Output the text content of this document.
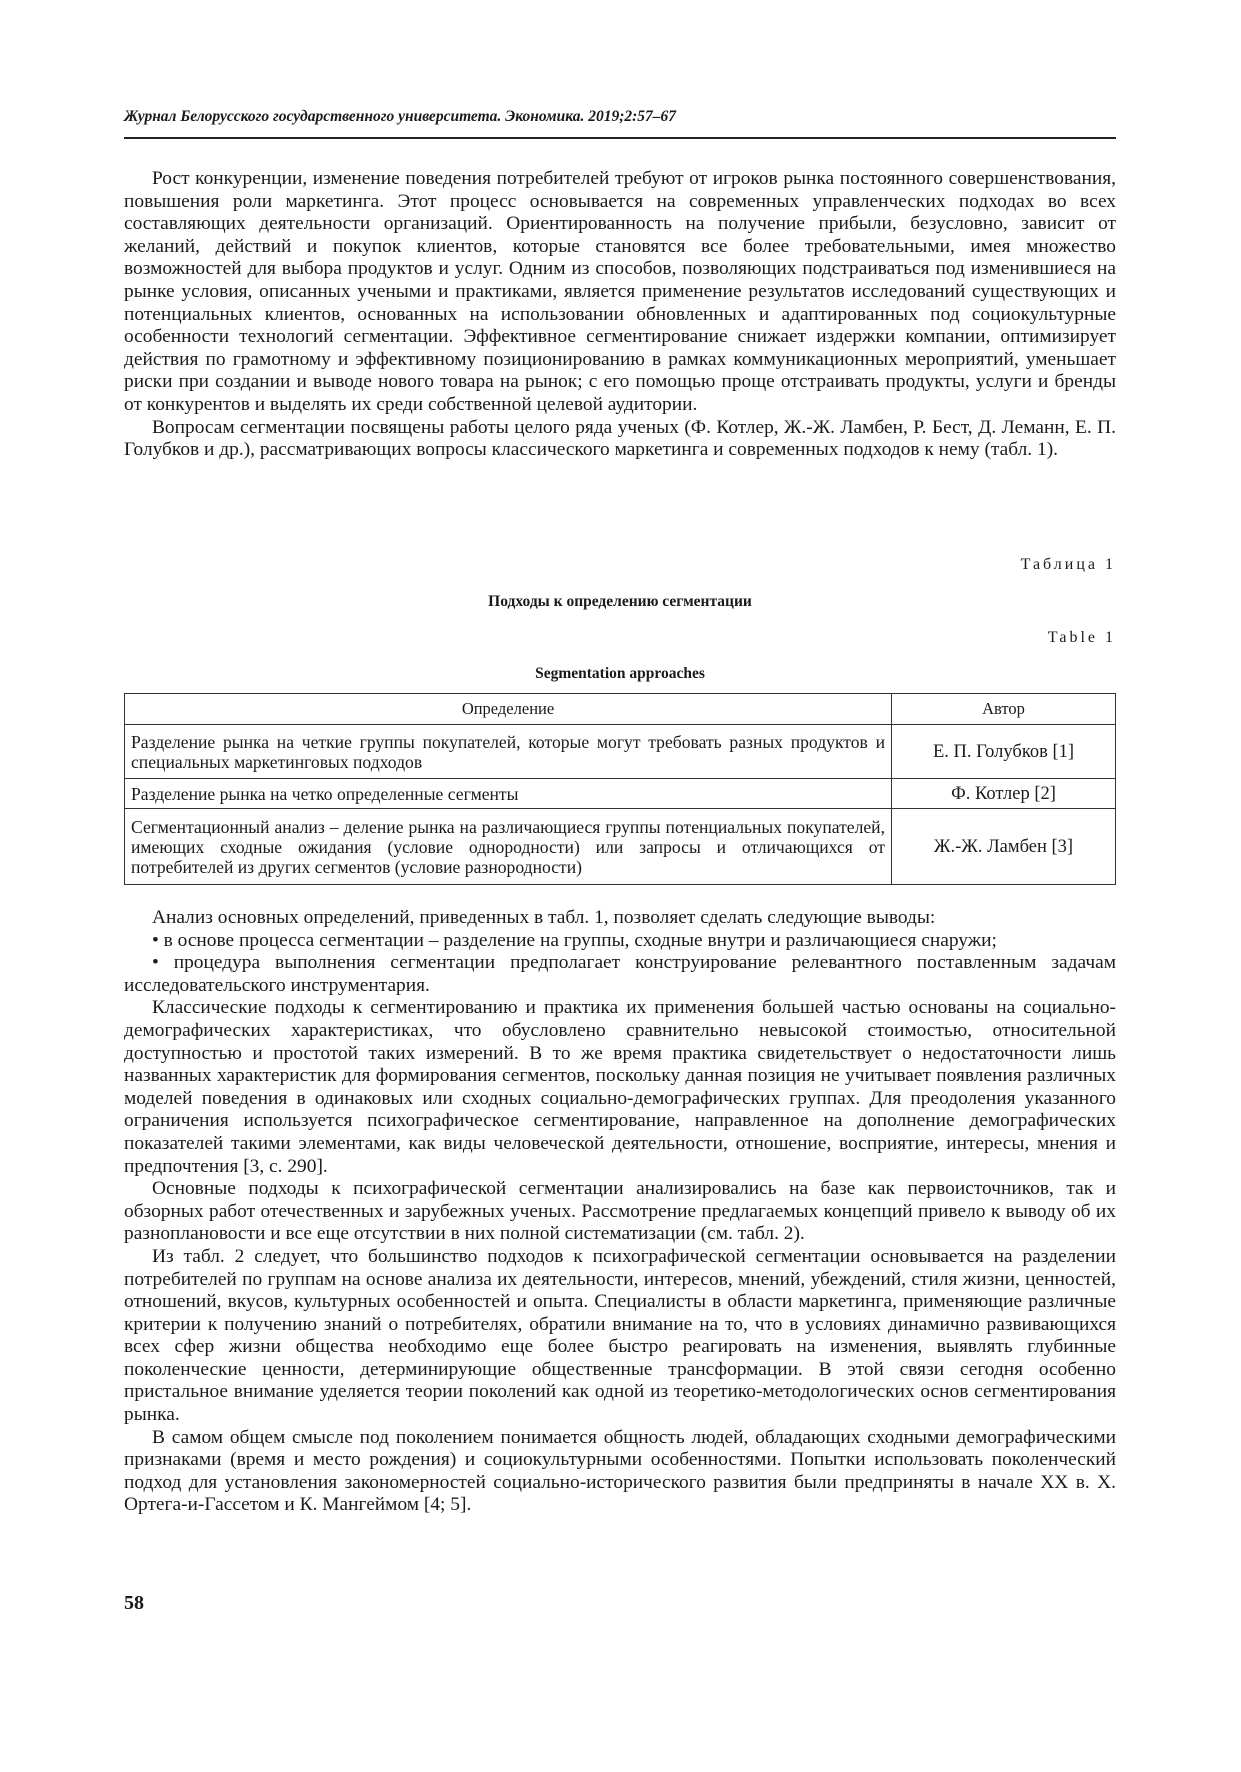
Журнал Белорусского государственного университета. Экономика. 2019;2:57–67

Рост конкуренции, изменение поведения потребителей требуют от игроков рынка постоянного совершенствования, повышения роли маркетинга. Этот процесс основывается на современных управленческих подходах во всех составляющих деятельности организаций. Ориентированность на получение прибыли, безусловно, зависит от желаний, действий и покупок клиентов, которые становятся все более требовательными, имея множество возможностей для выбора продуктов и услуг. Одним из способов, позволяющих подстраиваться под изменившиеся на рынке условия, описанных учеными и практиками, является применение результатов исследований существующих и потенциальных клиентов, основанных на использовании обновленных и адаптированных под социокультурные особенности технологий сегментации. Эффективное сегментирование снижает издержки компании, оптимизирует действия по грамотному и эффективному позиционированию в рамках коммуникационных мероприятий, уменьшает риски при создании и выводе нового товара на рынок; с его помощью проще отстраивать продукты, услуги и бренды от конкурентов и выделять их среди собственной целевой аудитории.

Вопросам сегментации посвящены работы целого ряда ученых (Ф. Котлер, Ж.-Ж. Ламбен, Р. Бест, Д. Леманн, Е. П. Голубков и др.), рассматривающих вопросы классического маркетинга и современных подходов к нему (табл. 1).

Таблица 1
Подходы к определению сегментации
Table 1
Segmentation approaches
Определение	Автор
Разделение рынка на четкие группы покупателей, которые могут требовать разных продуктов и специальных маркетинговых подходов	Е. П. Голубков [1]
Разделение рынка на четко определенные сегменты	Ф. Котлер [2]
Сегментационный анализ – деление рынка на различающиеся группы потенциальных покупателей, имеющих сходные ожидания (условие однородности) или запросы и отличающихся от потребителей из других сегментов (условие разнородности)	Ж.-Ж. Ламбен [3]

Анализ основных определений, приведенных в табл. 1, позволяет сделать следующие выводы:

• в основе процесса сегментации – разделение на группы, сходные внутри и различающиеся снаружи;

• процедура выполнения сегментации предполагает конструирование релевантного поставленным задачам исследовательского инструментария.

Классические подходы к сегментированию и практика их применения большей частью основаны на социально-демографических характеристиках, что обусловлено сравнительно невысокой стоимостью, относительной доступностью и простотой таких измерений. В то же время практика свидетельствует о недостаточности лишь названных характеристик для формирования сегментов, поскольку данная позиция не учитывает появления различных моделей поведения в одинаковых или сходных социально-демографических группах. Для преодоления указанного ограничения используется психографическое сегментирование, направленное на дополнение демографических показателей такими элементами, как виды человеческой деятельности, отношение, восприятие, интересы, мнения и предпочтения [3, с. 290].

Основные подходы к психографической сегментации анализировались на базе как первоисточников, так и обзорных работ отечественных и зарубежных ученых. Рассмотрение предлагаемых концепций привело к выводу об их разноплановости и все еще отсутствии в них полной систематизации (см. табл. 2).

Из табл. 2 следует, что большинство подходов к психографической сегментации основывается на разделении потребителей по группам на основе анализа их деятельности, интересов, мнений, убеждений, стиля жизни, ценностей, отношений, вкусов, культурных особенностей и опыта. Специалисты в области маркетинга, применяющие различные критерии к получению знаний о потребителях, обратили внимание на то, что в условиях динамично развивающихся всех сфер жизни общества необходимо еще более быстро реагировать на изменения, выявлять глубинные поколенческие ценности, детерминирующие общественные трансформации. В этой связи сегодня особенно пристальное внимание уделяется теории поколений как одной из теоретико-методологических основ сегментирования рынка.

В самом общем смысле под поколением понимается общность людей, обладающих сходными демографическими признаками (время и место рождения) и социокультурными особенностями. Попытки использовать поколенческий подход для установления закономерностей социально-исторического развития были предприняты в начале XX в. Х. Ортега-и-Гассетом и К. Мангеймом [4; 5].

58
